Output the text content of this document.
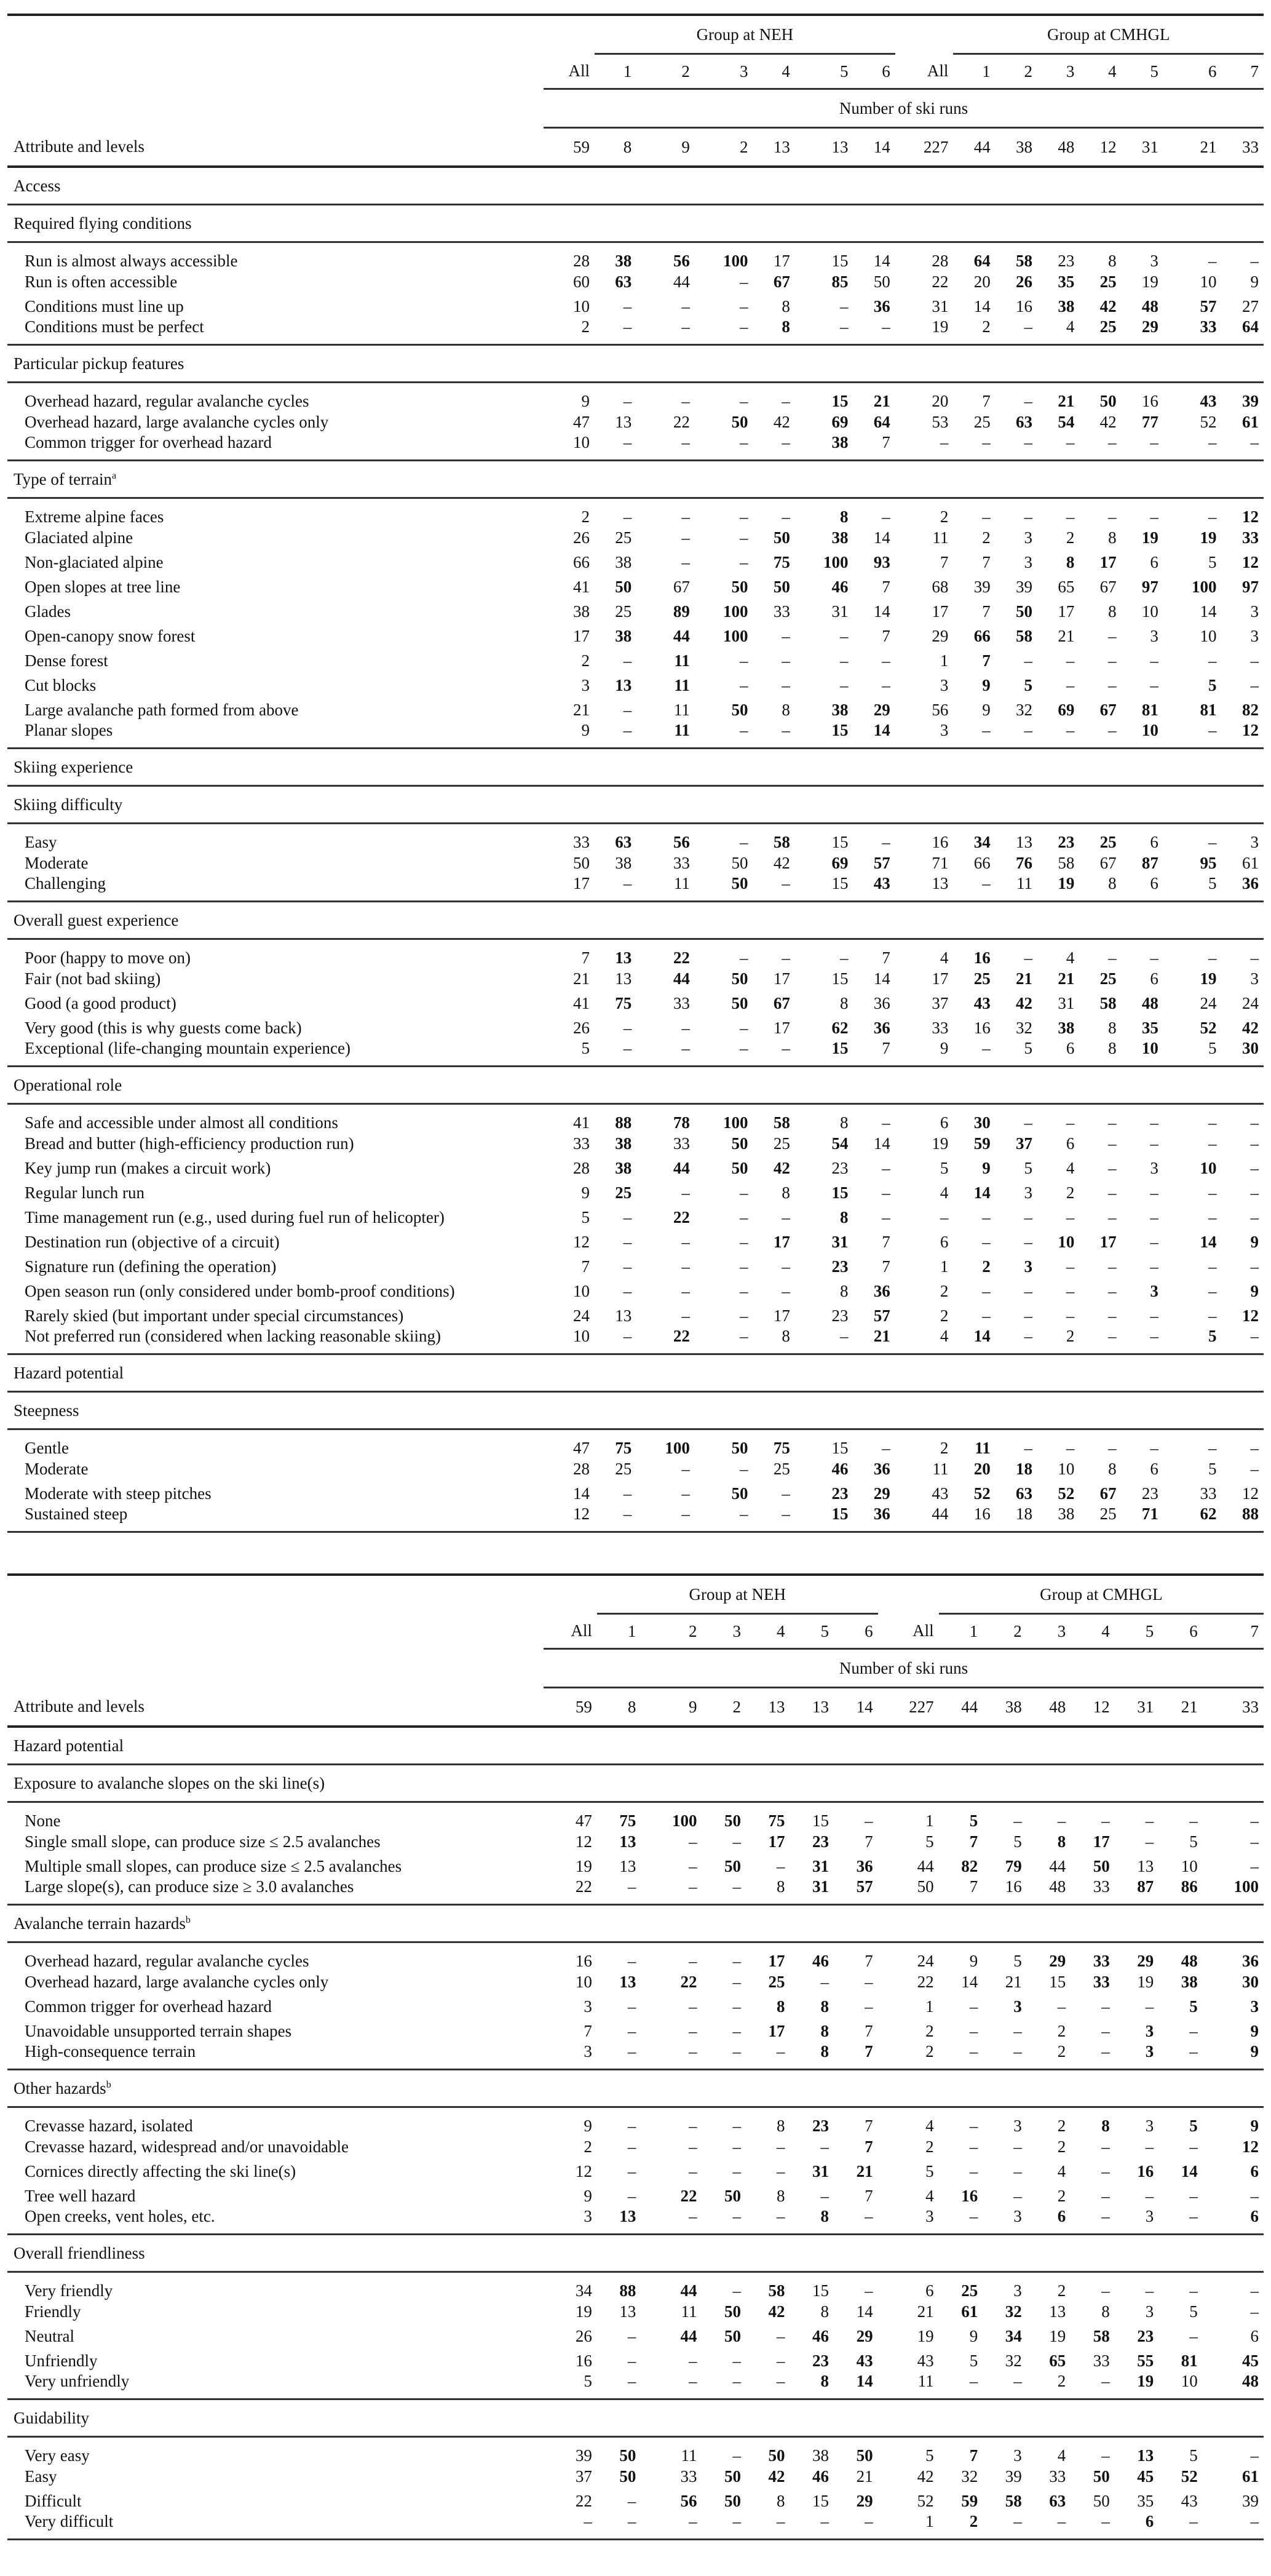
		Group at NEH							Group at CMHGL						
	All	1	2	3	4	5	6	All	1	2	3	4	5	6	7
	Number of ski runs														
Attribute and levels	59	8	9	2	13	13	14	227	44	38	48	12	31	21	33
Access															
Required flying conditions															
Run is almost always accessible	28	38	56	100	17	15	14	28	64	58	23	8	3	–	–
Run is often accessible	60	63	44	–	67	85	50	22	20	26	35	25	19	10	9
Conditions must line up	10	–	–	–	8	–	36	31	14	16	38	42	48	57	27
Conditions must be perfect	2	–	–	–	8	–	–	19	2	–	4	25	29	33	64
Particular pickup features															
Overhead hazard, regular avalanche cycles	9	–	–	–	–	15	21	20	7	–	21	50	16	43	39
Overhead hazard, large avalanche cycles only	47	13	22	50	42	69	64	53	25	63	54	42	77	52	61
Common trigger for overhead hazard	10	–	–	–	–	38	7	–	–	–	–	–	–	–	–
Type of terrain$^a$
Extreme alpine faces	2	–	–	–	–	8	–	2	–	–	–	–	–	–	12
Glaciated alpine	26	25	–	–	50	38	14	11	2	3	2	8	19	19	33
Non-glaciated alpine	66	38	–	–	75	100	93	7	7	3	8	17	6	5	12
Open slopes at tree line	41	50	67	50	50	46	7	68	39	39	65	67	97	100	97
Glades	38	25	89	100	33	31	14	17	7	50	17	8	10	14	3
Open-canopy snow forest	17	38	44	100	–	–	7	29	66	58	21	–	3	10	3
Dense forest	2	–	11	–	–	–	–	1	7	–	–	–	–	–	–
Cut blocks	3	13	11	–	–	–	–	3	9	5	–	–	–	5	–
Large avalanche path formed from above	21	–	11	50	8	38	29	56	9	32	69	67	81	81	82
Planar slopes	9	–	11	–	–	15	14	3	–	–	–	–	10	–	12
Skiing experience															
Skiing difficulty															
Easy	33	63	56	–	58	15	–	16	34	13	23	25	6	–	3
Moderate	50	38	33	50	42	69	57	71	66	76	58	67	87	95	61
Challenging	17	–	11	50	–	15	43	13	–	11	19	8	6	5	36
Overall guest experience															
Poor (happy to move on)	7	13	22	–	–	–	7	4	16	–	4	–	–	–	–
Fair (not bad skiing)	21	13	44	50	17	15	14	17	25	21	21	25	6	19	3
Good (a good product)	41	75	33	50	67	8	36	37	43	42	31	58	48	24	24
Very good (this is why guests come back)	26	–	–	–	17	62	36	33	16	32	38	8	35	52	42
Exceptional (life-changing mountain experience)	5	–	–	–	–	15	7	9	–	5	6	8	10	5	30
Operational role															
Safe and accessible under almost all conditions	41	88	78	100	58	8	–	6	30	–	–	–	–	–	–
Bread and butter (high-efficiency production run)	33	38	33	50	25	54	14	19	59	37	6	–	–	–	–
Key jump run (makes a circuit work)	28	38	44	50	42	23	–	5	9	5	4	–	3	10	–
Regular lunch run	9	25	–	–	8	15	–	4	14	3	2	–	–	–	–
Time management run (e.g., used during fuel run of helicopter)	5	–	22	–	–	8	–	–	–	–	–	–	–	–	–
Destination run (objective of a circuit)	12	–	–	–	17	31	7	6	–	–	10	17	–	14	9
Signature run (defining the operation)	7	–	–	–	–	23	7	1	2	3	–	–	–	–	–
Open season run (only considered under bomb-proof conditions)	10	–	–	–	–	8	36	2	–	–	–	–	3	–	9
Rarely skied (but important under special circumstances)	24	13	–	–	17	23	57	2	–	–	–	–	–	–	12
Not preferred run (considered when lacking reasonable skiing)	10	–	22	–	8	–	21	4	14	–	2	–	–	5	–
Hazard potential															
Steepness															
Gentle	47	75	100	50	75	15	–	2	11	–	–	–	–	–	–
Moderate	28	25	–	–	25	46	36	11	20	18	10	8	6	5	–
Moderate with steep pitches	14	–	–	50	–	23	29	43	52	63	52	67	23	33	12
Sustained steep	12	–	–	–	–	15	36	44	16	18	38	25	71	62	88
		Group at NEH							Group at CMHGL						
	All	1	2	3	4	5	6	All	1	2	3	4	5	6	7
	Number of ski runs														
Attribute and levels	59	8	9	2	13	13	14	227	44	38	48	12	31	21	33
Hazard potential															
Exposure to avalanche slopes on the ski line(s)															
None	47	75	100	50	75	15	–	1	5	–	–	–	–	–	–
Single small slope, can produce size ≤ 2.5 avalanches	12	13	–	–	17	23	7	5	7	5	8	17	–	5	–
Multiple small slopes, can produce size ≤ 2.5 avalanches	19	13	–	50	–	31	36	44	82	79	44	50	13	10	–
Large slope(s), can produce size ≥ 3.0 avalanches	22	–	–	–	8	31	57	50	7	16	48	33	87	86	100
Avalanche terrain hazards$^b$
Overhead hazard, regular avalanche cycles	16	–	–	–	17	46	7	24	9	5	29	33	29	48	36
Overhead hazard, large avalanche cycles only	10	13	22	–	25	–	–	22	14	21	15	33	19	38	30
Common trigger for overhead hazard	3	–	–	–	8	8	–	1	–	3	–	–	–	5	3
Unavoidable unsupported terrain shapes	7	–	–	–	17	8	7	2	–	–	2	–	3	–	9
High-consequence terrain	3	–	–	–	–	8	7	2	–	–	2	–	3	–	9
Other hazards$^b$
Crevasse hazard, isolated	9	–	–	–	8	23	7	4	–	3	2	8	3	5	9
Crevasse hazard, widespread and/or unavoidable	2	–	–	–	–	–	7	2	–	–	2	–	–	–	12
Cornices directly affecting the ski line(s)	12	–	–	–	–	31	21	5	–	–	4	–	16	14	6
Tree well hazard	9	–	22	50	8	–	7	4	16	–	2	–	–	–	–
Open creeks, vent holes, etc.	3	13	–	–	–	8	–	3	–	3	6	–	3	–	6
Overall friendliness															
Very friendly	34	88	44	–	58	15	–	6	25	3	2	–	–	–	–
Friendly	19	13	11	50	42	8	14	21	61	32	13	8	3	5	–
Neutral	26	–	44	50	–	46	29	19	9	34	19	58	23	–	6
Unfriendly	16	–	–	–	–	23	43	43	5	32	65	33	55	81	45
Very unfriendly	5	–	–	–	–	8	14	11	–	–	2	–	19	10	48
Guidability															
Very easy	39	50	11	–	50	38	50	5	7	3	4	–	13	5	–
Easy	37	50	33	50	42	46	21	42	32	39	33	50	45	52	61
Difficult	22	–	56	50	8	15	29	52	59	58	63	50	35	43	39
Very difficult	–	–	–	–	–	–	–	1	2	–	–	–	6	–	–
